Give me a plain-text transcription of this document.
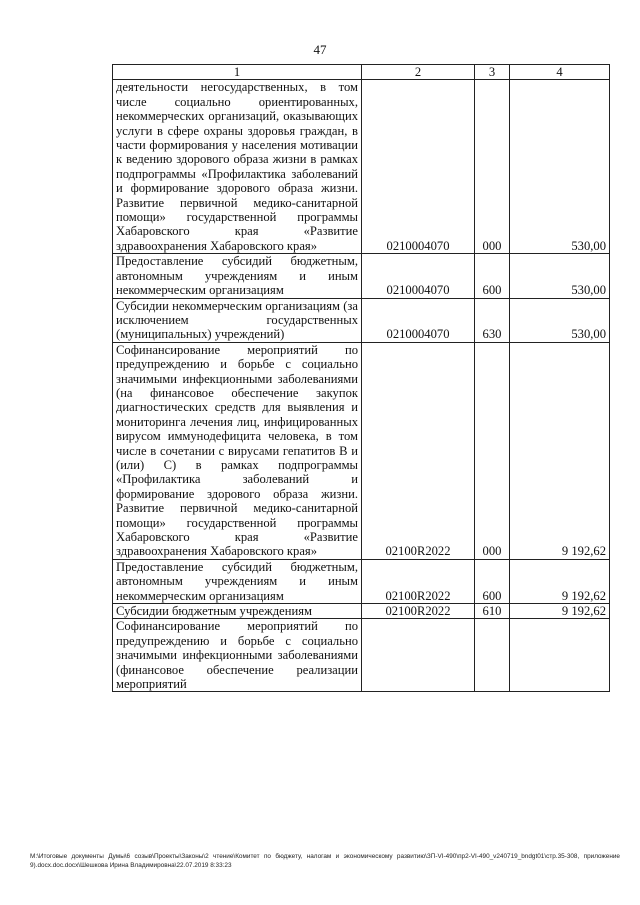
47
1	2	3	4
деятельности негосударственных, в том числе социально ориентированных, некоммерческих организаций, оказывающих услуги в сфере охраны здоровья граждан, в части формирования у населения мотивации к ведению здорового образа жизни в рамках подпрограммы «Профилактика заболеваний и формирование здорового образа жизни. Развитие первичной медико-санитарной помощи» государственной программы Хабаровского края «Развитие здравоохранения Хабаровского края»	0210004070	000	530,00
Предоставление субсидий бюджетным, автономным учреждениям и иным некоммерческим организациям	0210004070	600	530,00
Субсидии некоммерческим организациям (за исключением государственных (муниципальных) учреждений)	0210004070	630	530,00
Софинансирование мероприятий по предупреждению и борьбе с социально значимыми инфекционными заболеваниями (на финансовое обеспечение закупок диагностических средств для выявления и мониторинга лечения лиц, инфицированных вирусом иммунодефицита человека, в том числе в сочетании с вирусами гепатитов В и (или) С) в рамках подпрограммы «Профилактика заболеваний и формирование здорового образа жизни. Развитие первичной медико-санитарной помощи» государственной программы Хабаровского края «Развитие здравоохранения Хабаровского края»	02100R2022	000	9 192,62
Предоставление субсидий бюджетным, автономным учреждениям и иным некоммерческим организациям	02100R2022	600	9 192,62
Субсидии бюджетным учреждениям	02100R2022	610	9 192,62
Софинансирование мероприятий по предупреждению и борьбе с социально значимыми инфекционными заболеваниями (финансовое обеспечение реализации мероприятий			
M:\Итоговые документы Думы\6 созыв\Проекты\Законы\2 чтение\Комитет по бюджету, налогам и экономическому развитию\ЗП-VI-490\пр2-VI-490_v240719_bndgt01\стр.35-308, приложение 9).docx.doc.docx\Шешкова Ирина Владимировна\22.07.2019 8:33:23
